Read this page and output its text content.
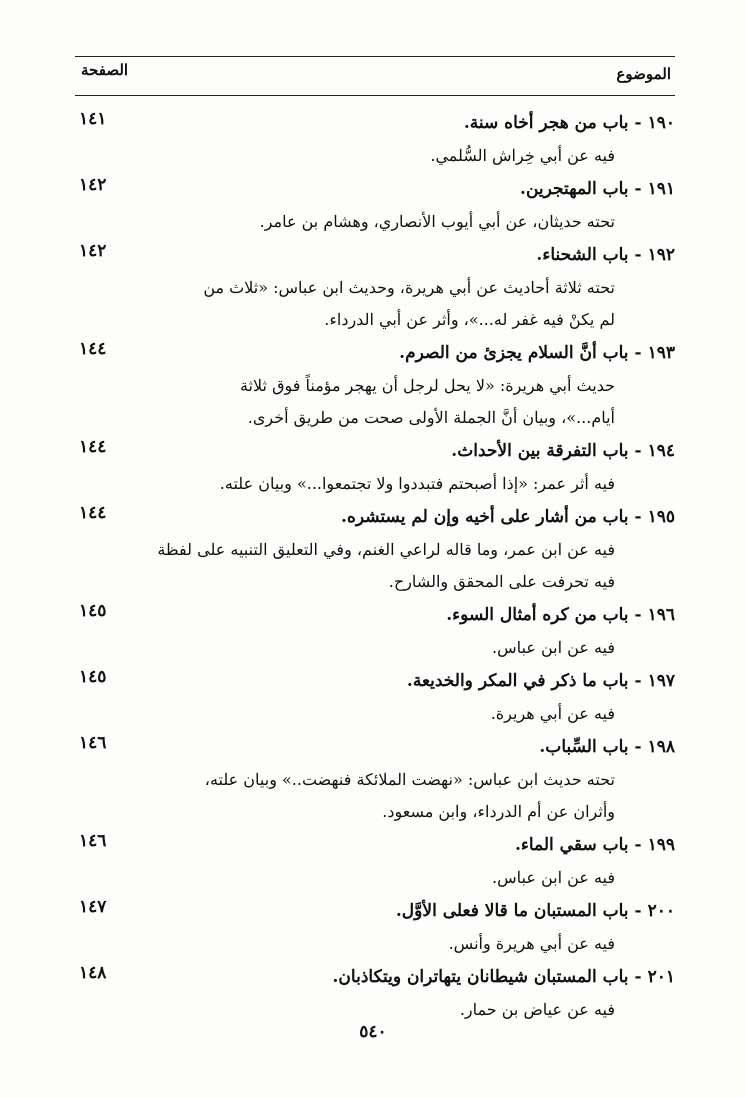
الموضوع
الصفحة
١٩٠-باب من هجر أخاه سنة.
١٤١
فيه عن أبي خِراش السُّلمي.
١٩١-باب المهتجرين.
١٤٢
تحته حديثان، عن أبي أيوب الأنصاري، وهشام بن عامر.
١٩٢-باب الشحناء.
١٤٢
تحته ثلاثة أحاديث عن أبي هريرة، وحديث ابن عباس: «ثلاث من
لم يكنْ فيه غفر له...»، وأثر عن أبي الدرداء.
١٩٣-باب أنَّ السلام يجزئ من الصرم.
١٤٤
حديث أبي هريرة: «لا يحل لرجل أن يهجر مؤمناً فوق ثلاثة
أيام...»، وبيان أنَّ الجملة الأولى صحت من طريق أخرى.
١٩٤-باب التفرقة بين الأحداث.
١٤٤
فيه أثر عمر: «إذا أصبحتم فتبددوا ولا تجتمعوا...» وبيان علته.
١٩٥-باب من أشار على أخيه وإن لم يستشره.
١٤٤
فيه عن ابن عمر، وما قاله لراعي الغنم، وفي التعليق التنبيه على لفظة
فيه تحرفت على المحقق والشارح.
١٩٦-باب من كره أمثال السوء.
١٤٥
فيه عن ابن عباس.
١٩٧-باب ما ذكر في المكر والخديعة.
١٤٥
فيه عن أبي هريرة.
١٩٨-باب السِّباب.
١٤٦
تحته حديث ابن عباس: «نهضت الملائكة فنهضت..» وبيان علته،
وأثران عن أم الدرداء، وابن مسعود.
١٩٩-باب سقي الماء.
١٤٦
فيه عن ابن عباس.
٢٠٠-باب المستبان ما قالا فعلى الأوَّل.
١٤٧
فيه عن أبي هريرة وأنس.
٢٠١-باب المستبان شيطانان يتهاتران ويتكاذبان.
١٤٨
فيه عن عياض بن حمار.
٥٤٠
